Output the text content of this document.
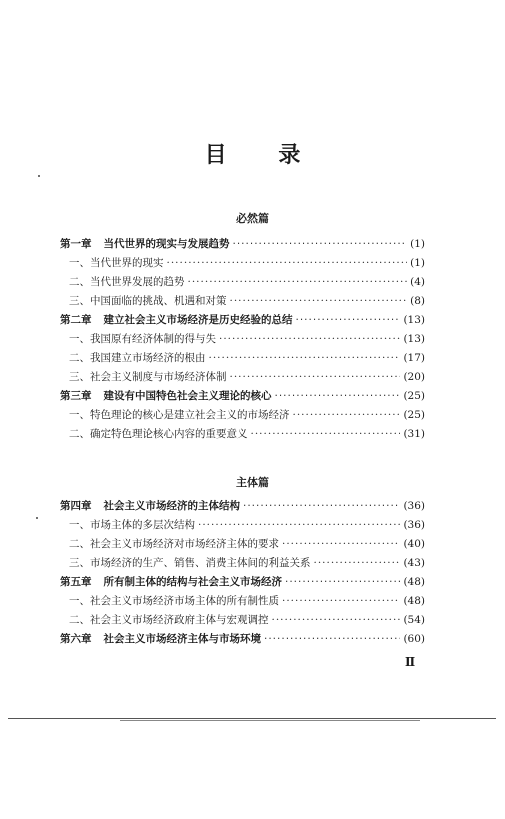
目 录
必然篇
第一章 当代世界的现实与发展趋势 ·····	(1)
一、当代世界的现实 ·····	(1)
二、当代世界发展的趋势 ·····	(4)
三、中国面临的挑战、机遇和对策 ·····	(8)
第二章 建立社会主义市场经济是历史经验的总结 ·····	(13)
一、我国原有经济体制的得与失 ·····	(13)
二、我国建立市场经济的根由 ·····	(17)
三、社会主义制度与市场经济体制 ·····	(20)
第三章 建设有中国特色社会主义理论的核心 ·····	(25)
一、特色理论的核心是建立社会主义的市场经济 ·····	(25)
二、确定特色理论核心内容的重要意义 ·····	(31)
主体篇
第四章 社会主义市场经济的主体结构 ·····	(36)
一、市场主体的多层次结构 ·····	(36)
二、社会主义市场经济对市场经济主体的要求 ·····	(40)
三、市场经济的生产、销售、消费主体间的利益关系 ·····	(43)
第五章 所有制主体的结构与社会主义市场经济 ·····	(48)
一、社会主义市场经济市场主体的所有制性质 ·····	(48)
二、社会主义市场经济政府主体与宏观调控 ·····	(54)
第六章 社会主义市场经济主体与市场环境 ·····	(60)
Ⅱ
